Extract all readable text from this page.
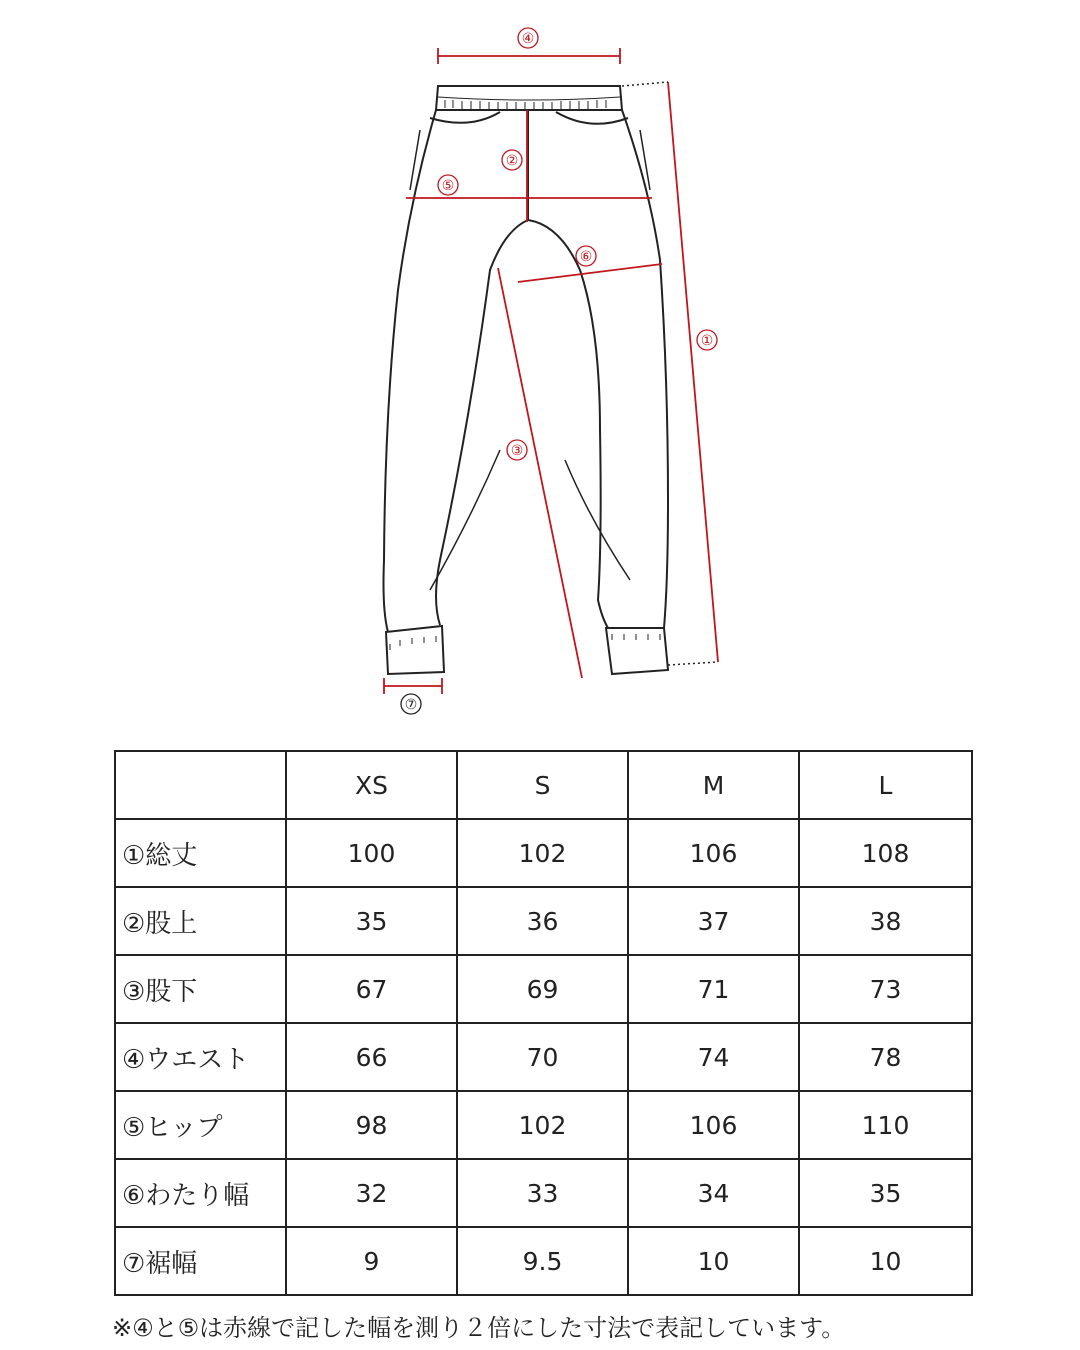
④
②
⑤
⑥
①
③
⑦
	XS	S	M	L
①総丈	100	102	106	108
②股上	35	36	37	38
③股下	67	69	71	73
④ウエスト	66	70	74	78
⑤ヒップ	98	102	106	110
⑥わたり幅	32	33	34	35
⑦裾幅	9	9.5	10	10
※④と⑤は赤線で記した幅を測り２倍にした寸法で表記しています。
